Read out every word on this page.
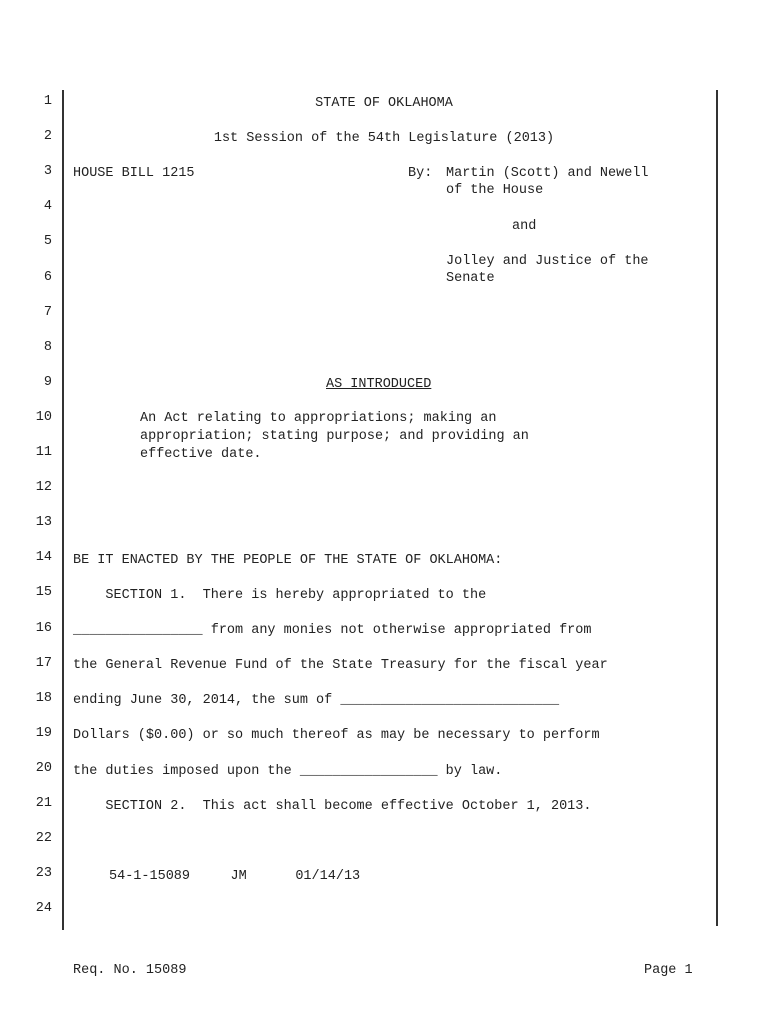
1
2
3
4
5
6
7
8
9
10
11
12
13
14
15
16
17
18
19
20
21
22
23
24
STATE OF OKLAHOMA
1st Session of the 54th Legislature (2013)
HOUSE BILL 1215	By: Martin (Scott) and Newell
of the House
and
Jolley and Justice of the
Senate
AS INTRODUCED
An Act relating to appropriations; making an
appropriation; stating purpose; and providing an
effective date.
BE IT ENACTED BY THE PEOPLE OF THE STATE OF OKLAHOMA:
SECTION 1.  There is hereby appropriated to the
________________ from any monies not otherwise appropriated from
the General Revenue Fund of the State Treasury for the fiscal year
ending June 30, 2014, the sum of ___________________________
Dollars ($0.00) or so much thereof as may be necessary to perform
the duties imposed upon the _________________ by law.
SECTION 2.  This act shall become effective October 1, 2013.
54-1-15089     JM      01/14/13
Req. No. 15089	Page 1
